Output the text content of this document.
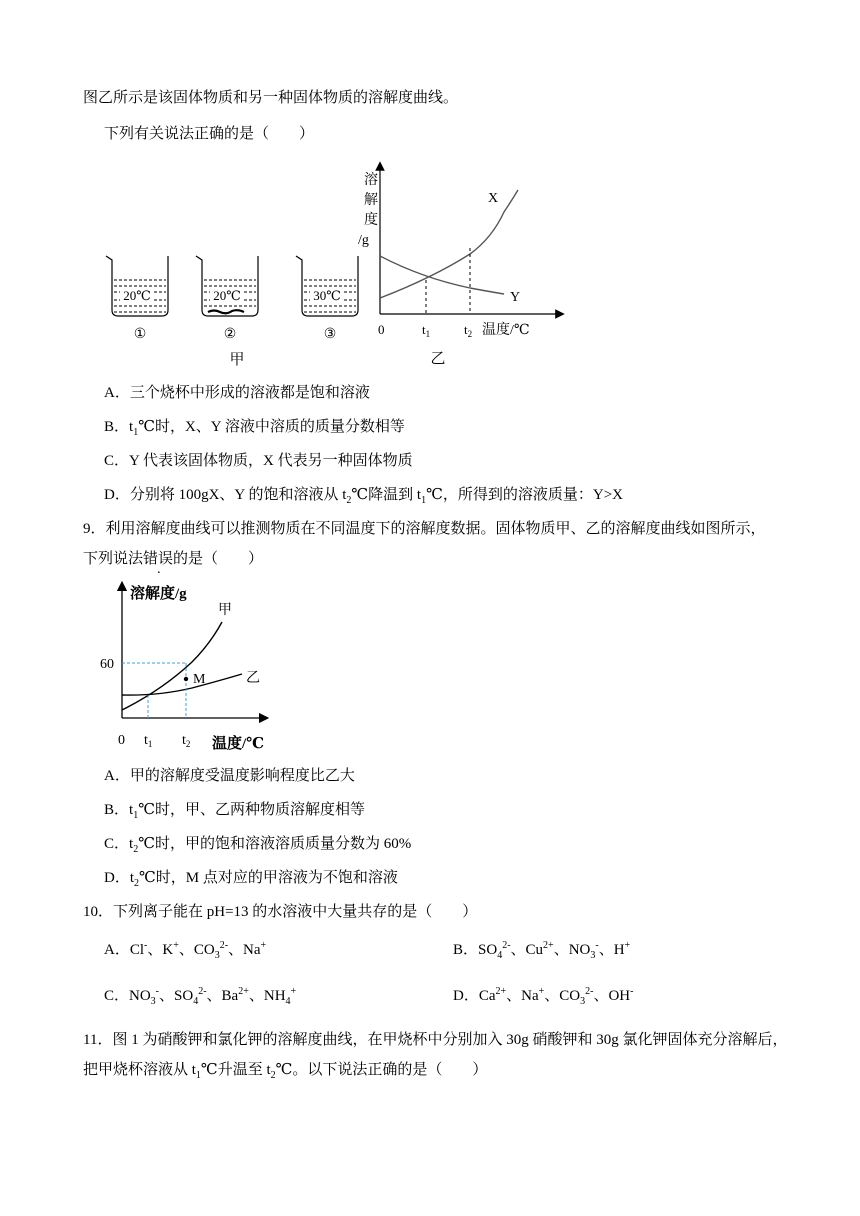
图乙所示是该固体物质和另一种固体物质的溶解度曲线。
下列有关说法正确的是（　　）
20℃
①
20℃
②
30℃
③
甲
溶
解
度
/g
X
Y
0	$t_1$	$t_2$ 温度/℃
乙
A．三个烧杯中形成的溶液都是饱和溶液
B．$t_1℃$时，X、Y 溶液中溶质的质量分数相等
C．Y 代表该固体物质，X 代表另一种固体物质
D．分别将 100gX、Y 的饱和溶液从 $t_2℃$降温到 $t_1℃$，所得到的溶液质量：Y>X
9．利用溶解度曲线可以推测物质在不同温度下的溶解度数据。固体物质甲、乙的溶解度曲线如图所示，
下列说法错误的是（　　）
溶解度/g
M
甲
乙
60
0 $t_1$ $t_2$ 温度/℃
A．甲的溶解度受温度影响程度比乙大
B．$t_1℃$时，甲、乙两种物质溶解度相等
C．$t_2℃$时，甲的饱和溶液溶质质量分数为 60%
D．$t_2℃$时，M 点对应的甲溶液为不饱和溶液
10．下列离子能在 pH=13 的水溶液中大量共存的是（　　）
A．Cl-、K+、$CO_3^{2-}$、Na+	B．$SO_4^{2-}$、$Cu^{2+}$、$NO_3^-$、H+
C．$NO_3^-$、$SO_4^{2-}$、$Ba^{2+}$、$NH_4^+$	D．$Ca^{2+}$、Na+、$CO_3^{2-}$、OH-
11．图 1 为硝酸钾和氯化钾的溶解度曲线，在甲烧杯中分别加入 30g 硝酸钾和 30g 氯化钾固体充分溶解后，
把甲烧杯溶液从 $t_1℃$升温至 $t_2℃$。以下说法正确的是（　　）
